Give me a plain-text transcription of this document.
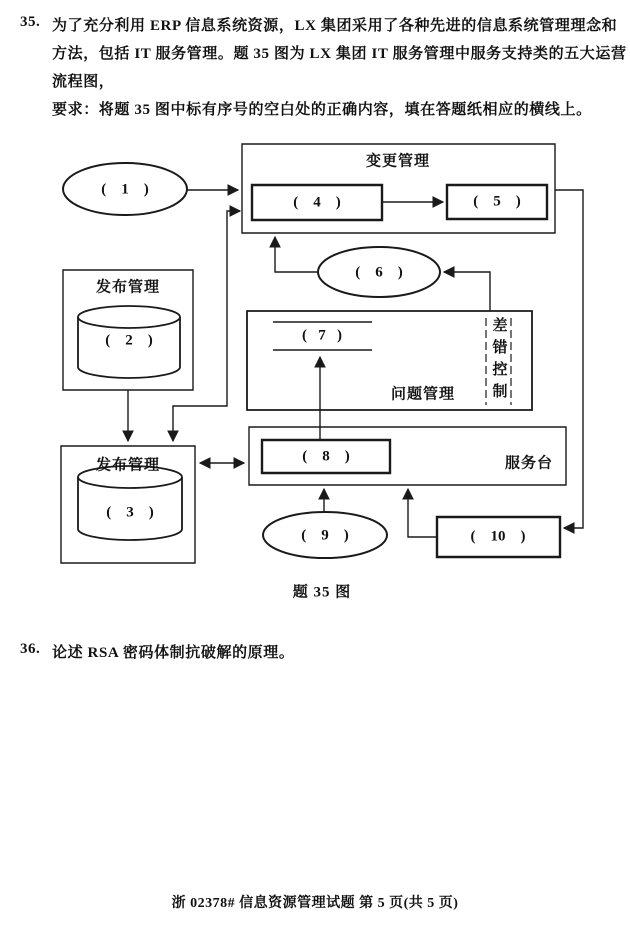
35. 为了充分利用 ERP 信息系统资源，LX 集团采用了各种先进的信息系统管理理念和
方法，包括 IT 服务管理。题 35 图为 LX 集团 IT 服务管理中服务支持类的五大运营
流程图，
要求：将题 35 图中标有序号的空白处的正确内容，填在答题纸相应的横线上。
变更管理
(    1    )
(    4    )	(    5    )
(    6    )
发布管理
(    2    )	(   7   )	差错控制
问题管理
(    8    )	服务台
发布管理
(    3    )
(    9    )	(    10    )
题 35 图
36. 论述 RSA 密码体制抗破解的原理。
浙 02378# 信息资源管理试题 第 5 页(共 5 页)
